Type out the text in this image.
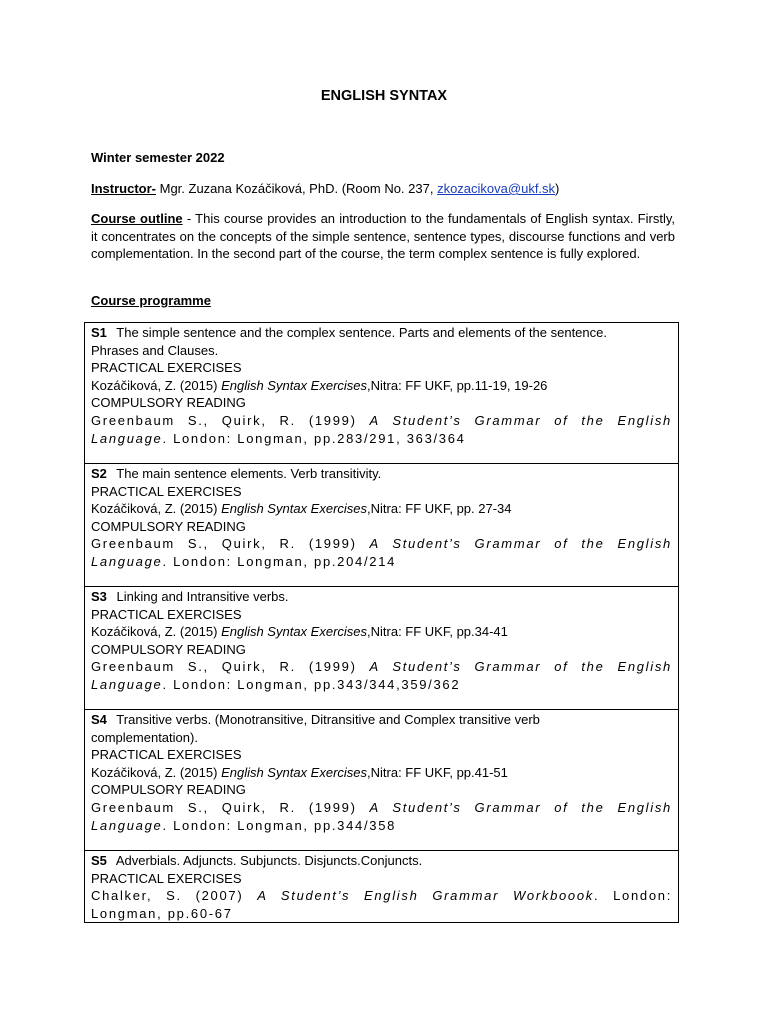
ENGLISH SYNTAX
Winter semester 2022
Instructor- Mgr. Zuzana Kozáčiková, PhD. (Room No. 237, zkozacikova@ukf.sk)
Course outline - This course provides an introduction to the fundamentals of English syntax. Firstly, it concentrates on the concepts of the simple sentence, sentence types, discourse functions and verb complementation. In the second part of the course, the term complex sentence is fully explored.
Course programme
S1 The simple sentence and the complex sentence. Parts and elements of the sentence.
Phrases and Clauses.
PRACTICAL EXERCISES
Kozáčiková, Z. (2015) English Syntax Exercises,Nitra: FF UKF, pp.11-19, 19-26
COMPULSORY READING
Greenbaum S., Quirk, R. (1999) A Student’s Grammar of the English
Language. London: Longman, pp.283/291, 363/364

S2 The main sentence elements. Verb transitivity.
PRACTICAL EXERCISES
Kozáčiková, Z. (2015) English Syntax Exercises,Nitra: FF UKF, pp. 27-34
COMPULSORY READING
Greenbaum S., Quirk, R. (1999) A Student’s Grammar of the English
Language. London: Longman, pp.204/214

S3 Linking and Intransitive verbs.
PRACTICAL EXERCISES
Kozáčiková, Z. (2015) English Syntax Exercises,Nitra: FF UKF, pp.34-41
COMPULSORY READING
Greenbaum S., Quirk, R. (1999) A Student’s Grammar of the English
Language. London: Longman, pp.343/344,359/362

S4 Transitive verbs. (Monotransitive, Ditransitive and Complex transitive verb
complementation).
PRACTICAL EXERCISES
Kozáčiková, Z. (2015) English Syntax Exercises,Nitra: FF UKF, pp.41-51
COMPULSORY READING
Greenbaum S., Quirk, R. (1999) A Student’s Grammar of the English
Language. London: Longman, pp.344/358

S5 Adverbials. Adjuncts. Subjuncts. Disjuncts.Conjuncts.
PRACTICAL EXERCISES
Chalker, S. (2007) A Student’s English Grammar Workboook. London:
Longman, pp.60-67
